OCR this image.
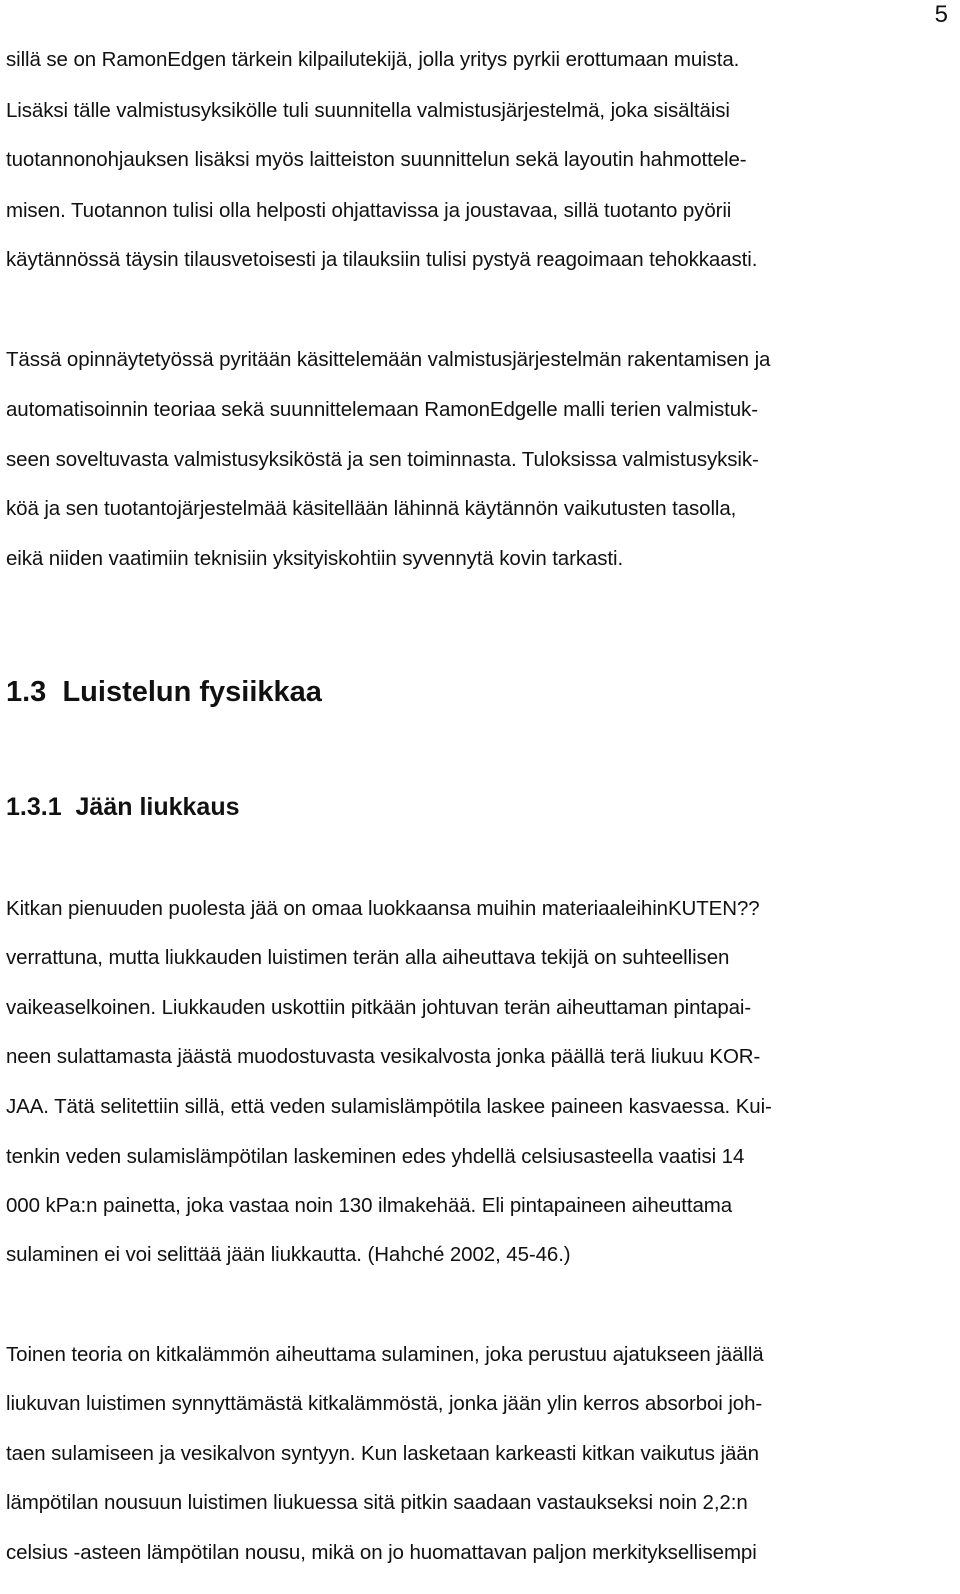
5
sillä se on RamonEdgen tärkein kilpailutekijä, jolla yritys pyrkii erottumaan muista.
Lisäksi tälle valmistusyksikölle tuli suunnitella valmistusjärjestelmä, joka sisältäisi
tuotannonohjauksen lisäksi myös laitteiston suunnittelun sekä layoutin hahmottele-
misen. Tuotannon tulisi olla helposti ohjattavissa ja joustavaa, sillä tuotanto pyörii
käytännössä täysin tilausvetoisesti ja tilauksiin tulisi pystyä reagoimaan tehokkaasti.
Tässä opinnäytetyössä pyritään käsittelemään valmistusjärjestelmän rakentamisen ja
automatisoinnin teoriaa sekä suunnittelemaan RamonEdgelle malli terien valmistuk-
seen soveltuvasta valmistusyksiköstä ja sen toiminnasta. Tuloksissa valmistusyksik-
köä ja sen tuotantojärjestelmää käsitellään lähinnä käytännön vaikutusten tasolla,
eikä niiden vaatimiin teknisiin yksityiskohtiin syvennytä kovin tarkasti.
1.3 Luistelun fysiikkaa
1.3.1 Jään liukkaus
Kitkan pienuuden puolesta jää on omaa luokkaansa muihin materiaaleihinKUTEN??
verrattuna, mutta liukkauden luistimen terän alla aiheuttava tekijä on suhteellisen
vaikeaselkoinen. Liukkauden uskottiin pitkään johtuvan terän aiheuttaman pintapai-
neen sulattamasta jäästä muodostuvasta vesikalvosta jonka päällä terä liukuu KOR-
JAA. Tätä selitettiin sillä, että veden sulamislämpötila laskee paineen kasvaessa. Kui-
tenkin veden sulamislämpötilan laskeminen edes yhdellä celsiusasteella vaatisi 14
000 kPa:n painetta, joka vastaa noin 130 ilmakehää. Eli pintapaineen aiheuttama
sulaminen ei voi selittää jään liukkautta. (Hahché 2002, 45-46.)
Toinen teoria on kitkalämmön aiheuttama sulaminen, joka perustuu ajatukseen jäällä
liukuvan luistimen synnyttämästä kitkalämmöstä, jonka jään ylin kerros absorboi joh-
taen sulamiseen ja vesikalvon syntyyn. Kun lasketaan karkeasti kitkan vaikutus jään
lämpötilan nousuun luistimen liukuessa sitä pitkin saadaan vastaukseksi noin 2,2:n
celsius -asteen lämpötilan nousu, mikä on jo huomattavan paljon merkityksellisempi
